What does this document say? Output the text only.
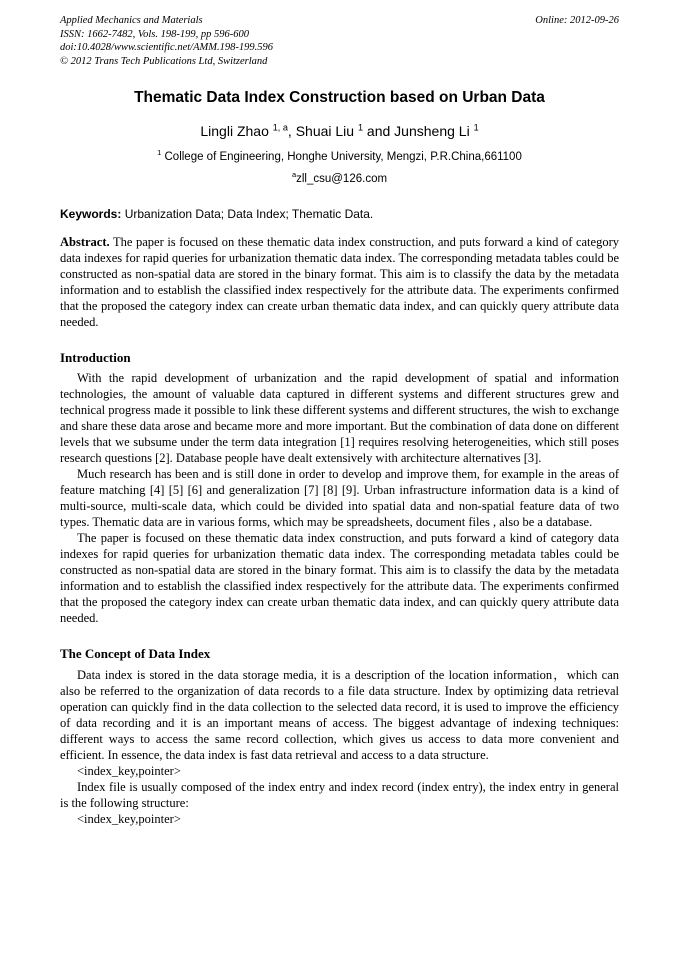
Applied Mechanics and Materials
ISSN: 1662-7482, Vols. 198-199, pp 596-600
doi:10.4028/www.scientific.net/AMM.198-199.596
© 2012 Trans Tech Publications Ltd, Switzerland
Online: 2012-09-26
Thematic Data Index Construction based on Urban Data
Lingli Zhao $^{1, a}$, Shuai Liu $^1$ and Junsheng Li $^1$
$^1$ College of Engineering, Honghe University, Mengzi, P.R.China,661100
$^a$zll_csu@126.com
Keywords: Urbanization Data; Data Index; Thematic Data.
Abstract. The paper is focused on these thematic data index construction, and puts forward a kind of category data indexes for rapid queries for urbanization thematic data index. The corresponding metadata tables could be constructed as non-spatial data are stored in the binary format. This aim is to classify the data by the metadata information and to establish the classified index respectively for the attribute data. The experiments confirmed that the proposed the category index can create urban thematic data index, and can quickly query attribute data needed.
Introduction

With the rapid development of urbanization and the rapid development of spatial and information technologies, the amount of valuable data captured in different systems and different structures grew and technical progress made it possible to link these different systems and different structures, the wish to exchange and share these data arose and became more and more important. But the combination of data done on different levels that we subsume under the term data integration [1] requires resolving heterogeneities, which still poses research questions [2]. Database people have dealt extensively with architecture alternatives [3].

Much research has been and is still done in order to develop and improve them, for example in the areas of feature matching [4] [5] [6] and generalization [7] [8] [9]. Urban infrastructure information data is a kind of multi-source, multi-scale data, which could be divided into spatial data and non-spatial feature data of two types. Thematic data are in various forms, which may be spreadsheets, document files , also be a database.

The paper is focused on these thematic data index construction, and puts forward a kind of category data indexes for rapid queries for urbanization thematic data index. The corresponding metadata tables could be constructed as non-spatial data are stored in the binary format. This aim is to classify the data by the metadata information and to establish the classified index respectively for the attribute data. The experiments confirmed that the proposed the category index can create urban thematic data index, and can quickly query attribute data needed.

The Concept of Data Index

Data index is stored in the data storage media, it is a description of the location information，which can also be referred to the organization of data records to a file data structure. Index by optimizing data retrieval operation can quickly find in the data collection to the selected data record, it is used to improve the efficiency of data recording and it is an important means of access. The biggest advantage of indexing techniques: different ways to access the same record collection, which gives us access to data more convenient and efficient. In essence, the data index is fast data retrieval and access to a data structure.

<index_key,pointer>

Index file is usually composed of the index entry and index record (index entry), the index entry in general is the following structure:

<index_key,pointer>
